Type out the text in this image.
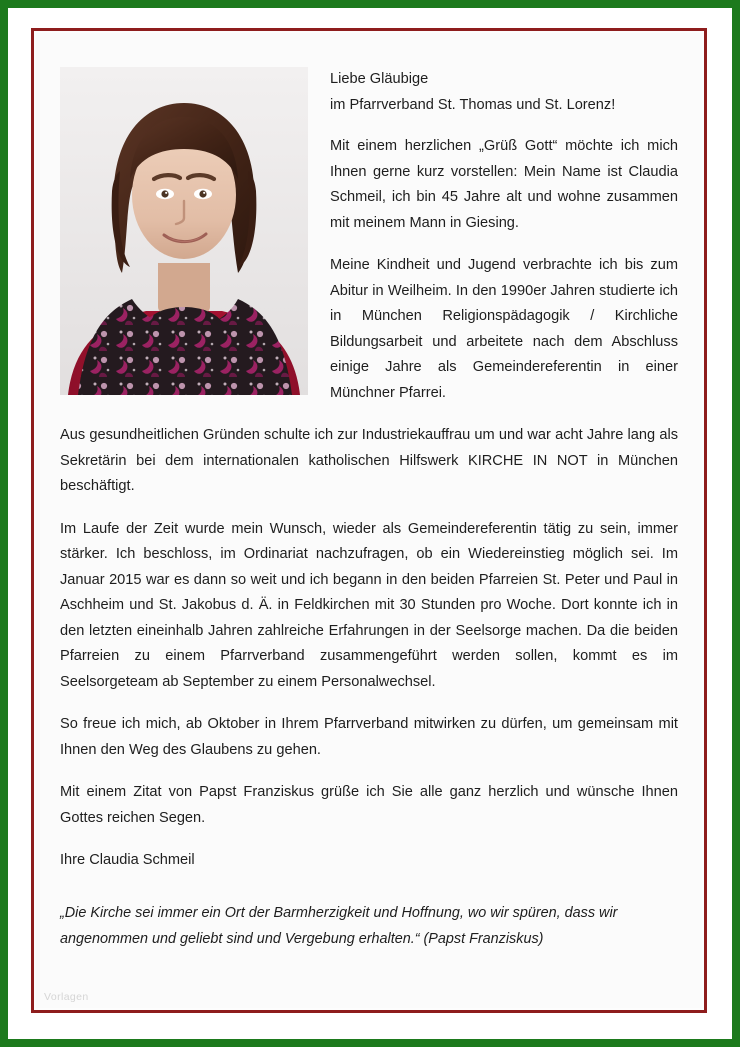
Liebe Gläubige
im Pfarrverband St. Thomas und St. Lorenz!

Mit einem herzlichen „Grüß Gott“ möchte ich mich Ihnen gerne kurz vorstellen: Mein Name ist Claudia Schmeil, ich bin 45 Jahre alt und wohne zusammen mit meinem Mann in Giesing.

Meine Kindheit und Jugend verbrachte ich bis zum Abitur in Weilheim. In den 1990er Jahren studierte ich in München Religionspädagogik / Kirchliche Bildungsarbeit und arbeitete nach dem Abschluss einige Jahre als Gemeindereferentin in einer Münchner Pfarrei.

Aus gesundheitlichen Gründen schulte ich zur Industriekauffrau um und war acht Jahre lang als Sekretärin bei dem internationalen katholischen Hilfswerk KIRCHE IN NOT in München beschäftigt.

Im Laufe der Zeit wurde mein Wunsch, wieder als Gemeindereferentin tätig zu sein, immer stärker. Ich beschloss, im Ordinariat nachzufragen, ob ein Wiedereinstieg möglich sei. Im Januar 2015 war es dann so weit und ich begann in den beiden Pfarreien St. Peter und Paul in Aschheim und St. Jakobus d. Ä. in Feldkirchen mit 30 Stunden pro Woche. Dort konnte ich in den letzten eineinhalb Jahren zahlreiche Erfahrungen in der Seelsorge machen. Da die beiden Pfarreien zu einem Pfarrverband zusammengeführt werden sollen, kommt es im Seelsorgeteam ab September zu einem Personalwechsel.

So freue ich mich, ab Oktober in Ihrem Pfarrverband mitwirken zu dürfen, um gemeinsam mit Ihnen den Weg des Glaubens zu gehen.

Mit einem Zitat von Papst Franziskus grüße ich Sie alle ganz herzlich und wünsche Ihnen Gottes reichen Segen.

Ihre Claudia Schmeil

„Die Kirche sei immer ein Ort der Barmherzigkeit und Hoffnung, wo wir spüren, dass wir angenommen und geliebt sind und Vergebung erhalten.“ (Papst Franziskus)

Vorlagen
